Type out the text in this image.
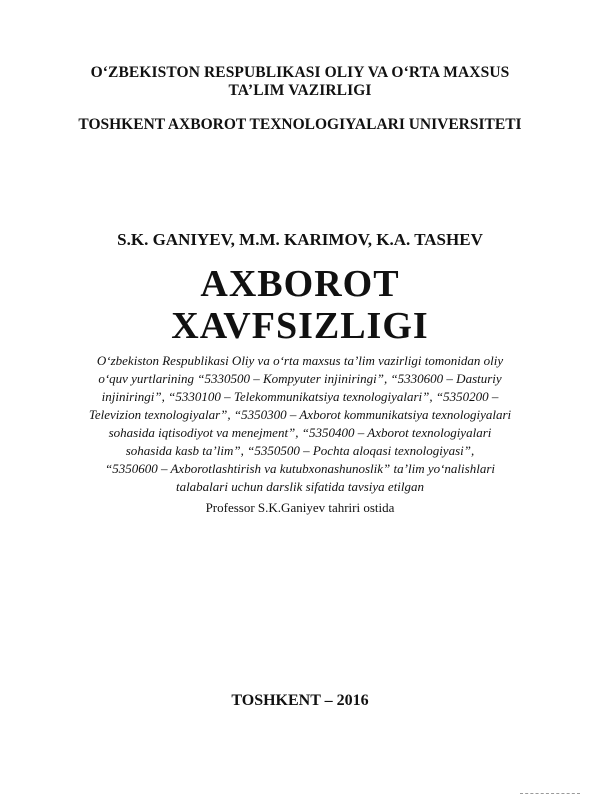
O‘ZBEKISTON RESPUBLIKASI OLIY VA O‘RTA MAXSUS
TA’LIM VAZIRLIGI
TOSHKENT AXBOROT TEXNOLOGIYALARI UNIVERSITETI
S.K. GANIYEV, M.M. KARIMOV, K.A. TASHEV
AXBOROT
XAVFSIZLIGI
O‘zbekiston Respublikasi Oliy va o‘rta maxsus ta’lim vazirligi tomonidan oliy
o‘quv yurtlarining “5330500 – Kompyuter injiniringi”, “5330600 – Dasturiy
injiniringi”, “5330100 – Telekommunikatsiya texnologiyalari”, “5350200 –
Televizion texnologiyalar”, “5350300 – Axborot kommunikatsiya texnologiyalari
sohasida iqtisodiyot va menejment”, “5350400 – Axborot texnologiyalari
sohasida kasb ta’lim”, “5350500 – Pochta aloqasi texnologiyasi”,
“5350600 – Axborotlashtirish va kutubxonashunoslik” ta’lim yo‘nalishlari
talabalari uchun darslik sifatida tavsiya etilgan
Professor S.K.Ganiyev tahriri ostida
TOSHKENT – 2016
